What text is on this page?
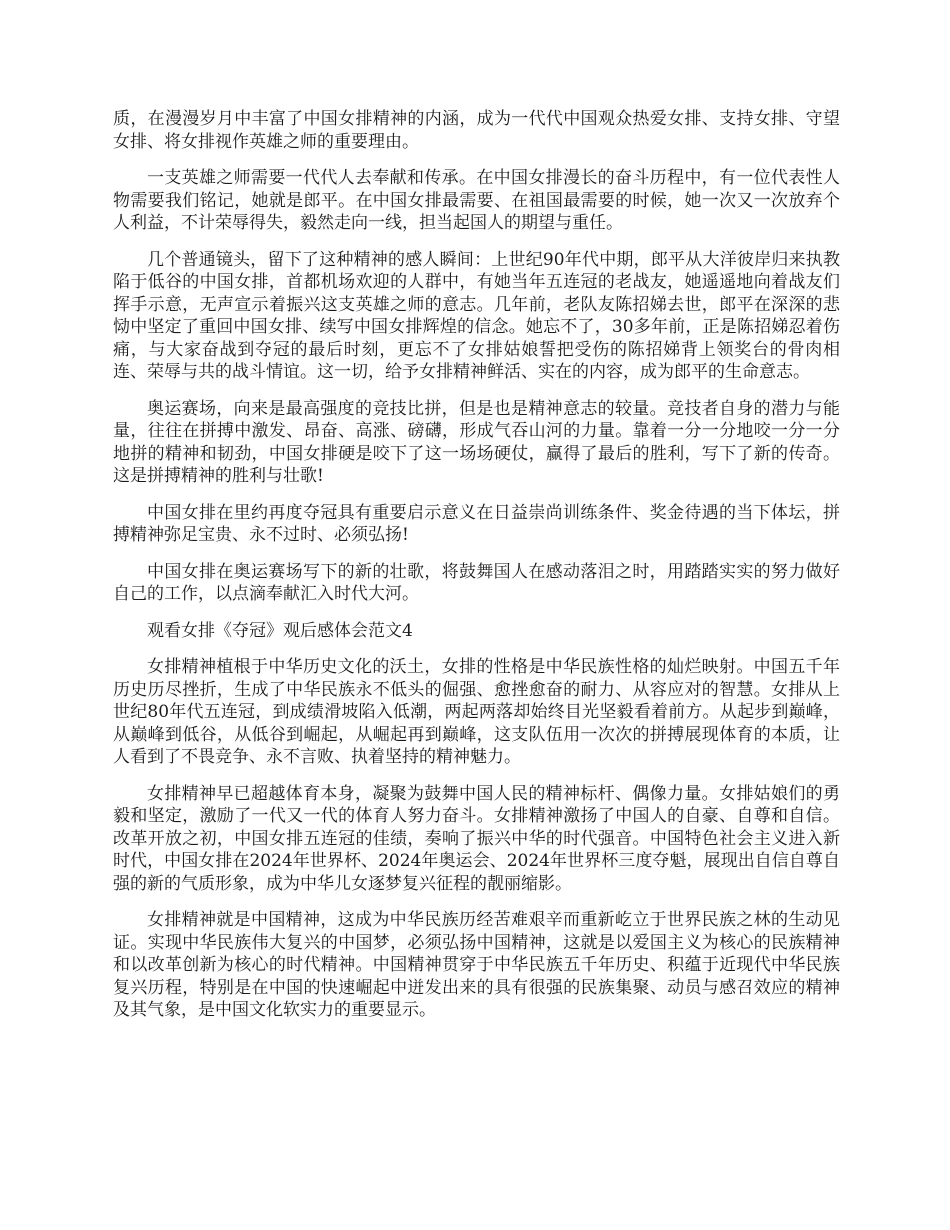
质，在漫漫岁月中丰富了中国女排精神的内涵，成为一代代中国观众热爱女排、支持女排、守望女排、将女排视作英雄之师的重要理由。

一支英雄之师需要一代代人去奉献和传承。在中国女排漫长的奋斗历程中，有一位代表性人物需要我们铭记，她就是郎平。在中国女排最需要、在祖国最需要的时候，她一次又一次放弃个人利益，不计荣辱得失，毅然走向一线，担当起国人的期望与重任。

几个普通镜头，留下了这种精神的感人瞬间：上世纪90年代中期，郎平从大洋彼岸归来执教陷于低谷的中国女排，首都机场欢迎的人群中，有她当年五连冠的老战友，她遥遥地向着战友们挥手示意，无声宣示着振兴这支英雄之师的意志。几年前，老队友陈招娣去世，郎平在深深的悲恸中坚定了重回中国女排、续写中国女排辉煌的信念。她忘不了，30多年前，正是陈招娣忍着伤痛，与大家奋战到夺冠的最后时刻，更忘不了女排姑娘誓把受伤的陈招娣背上领奖台的骨肉相连、荣辱与共的战斗情谊。这一切，给予女排精神鲜活、实在的内容，成为郎平的生命意志。

奥运赛场，向来是最高强度的竞技比拼，但是也是精神意志的较量。竞技者自身的潜力与能量，往往在拼搏中激发、昂奋、高涨、磅礴，形成气吞山河的力量。靠着一分一分地咬一分一分地拼的精神和韧劲，中国女排硬是咬下了这一场场硬仗，赢得了最后的胜利，写下了新的传奇。这是拼搏精神的胜利与壮歌!

中国女排在里约再度夺冠具有重要启示意义在日益崇尚训练条件、奖金待遇的当下体坛，拼搏精神弥足宝贵、永不过时、必须弘扬!

中国女排在奥运赛场写下的新的壮歌，将鼓舞国人在感动落泪之时，用踏踏实实的努力做好自己的工作，以点滴奉献汇入时代大河。

观看女排《夺冠》观后感体会范文4

女排精神植根于中华历史文化的沃土，女排的性格是中华民族性格的灿烂映射。中国五千年历史历尽挫折，生成了中华民族永不低头的倔强、愈挫愈奋的耐力、从容应对的智慧。女排从上世纪80年代五连冠，到成绩滑坡陷入低潮，两起两落却始终目光坚毅看着前方。从起步到巅峰，从巅峰到低谷，从低谷到崛起，从崛起再到巅峰，这支队伍用一次次的拼搏展现体育的本质，让人看到了不畏竞争、永不言败、执着坚持的精神魅力。

女排精神早已超越体育本身，凝聚为鼓舞中国人民的精神标杆、偶像力量。女排姑娘们的勇毅和坚定，激励了一代又一代的体育人努力奋斗。女排精神激扬了中国人的自豪、自尊和自信。改革开放之初，中国女排五连冠的佳绩，奏响了振兴中华的时代强音。中国特色社会主义进入新时代，中国女排在2024年世界杯、2024年奥运会、2024年世界杯三度夺魁，展现出自信自尊自强的新的气质形象，成为中华儿女逐梦复兴征程的靓丽缩影。

女排精神就是中国精神，这成为中华民族历经苦难艰辛而重新屹立于世界民族之林的生动见证。实现中华民族伟大复兴的中国梦，必须弘扬中国精神，这就是以爱国主义为核心的民族精神和以改革创新为核心的时代精神。中国精神贯穿于中华民族五千年历史、积蕴于近现代中华民族复兴历程，特别是在中国的快速崛起中迸发出来的具有很强的民族集聚、动员与感召效应的精神及其气象，是中国文化软实力的重要显示。
